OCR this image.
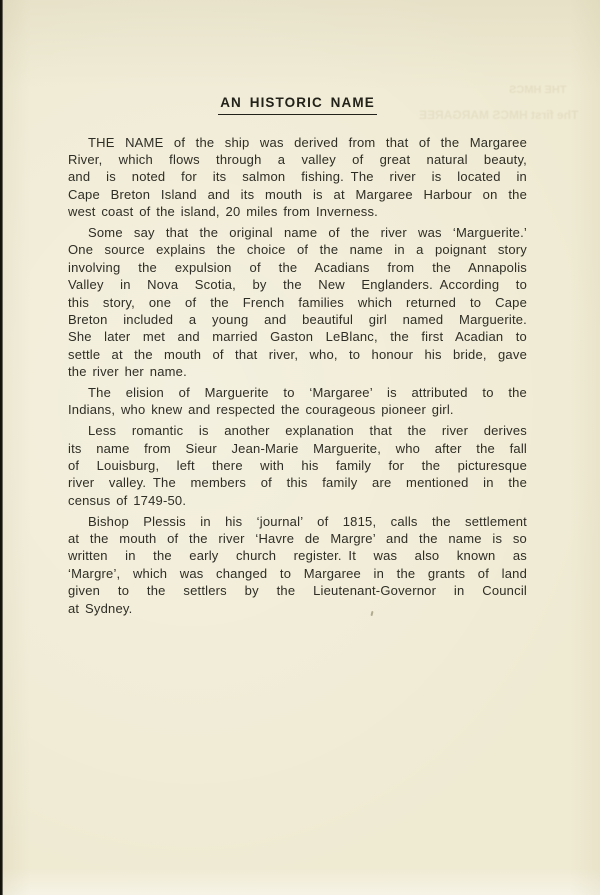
THE HMCS
The first HMCS MARGAREE
AN HISTORIC NAME
THE NAME of the ship was derived from that of the Margaree
River, which flows through a valley of great natural beauty,
and is noted for its salmon fishing. The river is located in
Cape Breton Island and its mouth is at Margaree Harbour on the
west coast of the island, 20 miles from Inverness.
Some say that the original name of the river was ‘Marguerite.’
One source explains the choice of the name in a poignant story
involving the expulsion of the Acadians from the Annapolis
Valley in Nova Scotia, by the New Englanders. According to
this story, one of the French families which returned to Cape
Breton included a young and beautiful girl named Marguerite.
She later met and married Gaston LeBlanc, the first Acadian to
settle at the mouth of that river, who, to honour his bride, gave
the river her name.
The elision of Marguerite to ‘Margaree’ is attributed to the
Indians, who knew and respected the courageous pioneer girl.
Less romantic is another explanation that the river derives
its name from Sieur Jean-Marie Marguerite, who after the fall
of Louisburg, left there with his family for the picturesque
river valley. The members of this family are mentioned in the
census of 1749-50.
Bishop Plessis in his ‘journal’ of 1815, calls the settlement
at the mouth of the river ‘Havre de Margre’ and the name is so
written in the early church register. It was also known as
‘Margre’, which was changed to Margaree in the grants of land
given to the settlers by the Lieutenant-Governor in Council
at Sydney.
